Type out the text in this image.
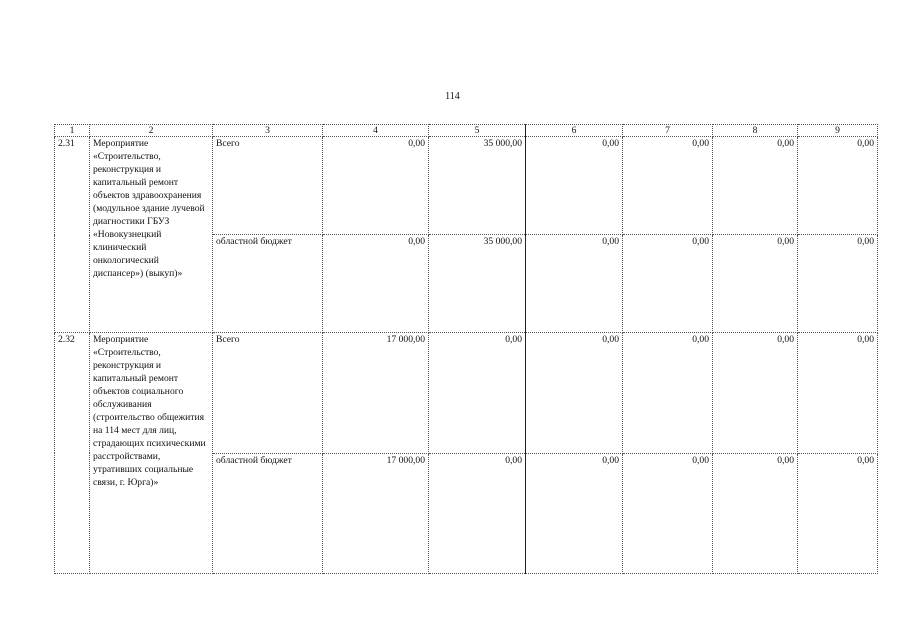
114
1	2	3	4	5	6	7	8	9
2.31	Мероприятие «Строительство, реконструкция и капитальный ремонт объектов здравоохранения (модульное здание лучевой диагностики ГБУЗ «Новокузнецкий клинический онкологический диспансер») (выкуп)»	Всего	0,00	35 000,00	0,00	0,00	0,00	0,00
		областной бюджет	0,00	35 000,00	0,00	0,00	0,00	0,00
2.32	Мероприятие «Строительство, реконструкция и капитальный ремонт объектов социального обслуживания (строительство общежития на 114 мест для лиц, страдающих психическими расстройствами, утративших социальные связи, г. Юрга)»	Всего	17 000,00	0,00	0,00	0,00	0,00	0,00
		областной бюджет	17 000,00	0,00	0,00	0,00	0,00	0,00
